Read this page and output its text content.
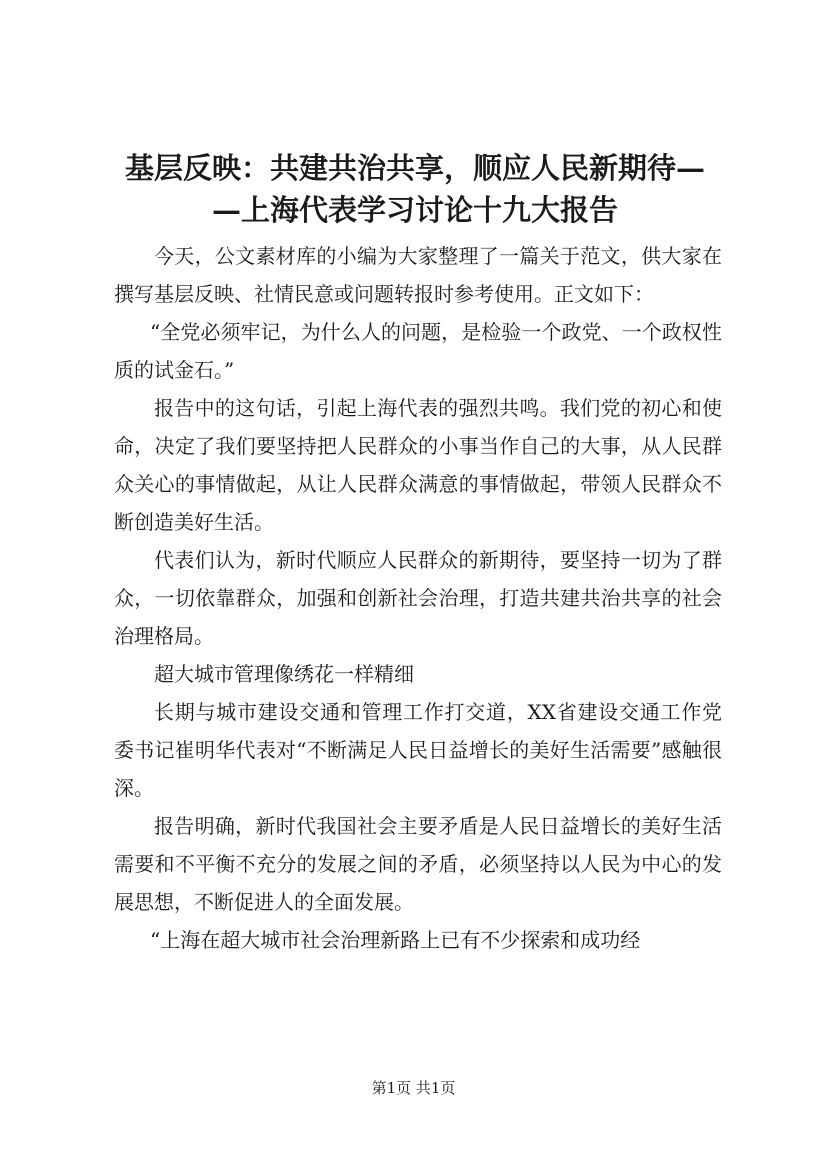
基层反映：共建共治共享，顺应人民新期待—
—上海代表学习讨论十九大报告

今天，公文素材库的小编为大家整理了一篇关于范文，供大家在撰写基层反映、社情民意或问题转报时参考使用。正文如下：

“全党必须牢记，为什么人的问题，是检验一个政党、一个政权性质的试金石。”

报告中的这句话，引起上海代表的强烈共鸣。我们党的初心和使命，决定了我们要坚持把人民群众的小事当作自己的大事，从人民群众关心的事情做起，从让人民群众满意的事情做起，带领人民群众不断创造美好生活。

代表们认为，新时代顺应人民群众的新期待，要坚持一切为了群众，一切依靠群众，加强和创新社会治理，打造共建共治共享的社会治理格局。

超大城市管理像绣花一样精细

长期与城市建设交通和管理工作打交道，XX省建设交通工作党委书记崔明华代表对“不断满足人民日益增长的美好生活需要”感触很深。

报告明确，新时代我国社会主要矛盾是人民日益增长的美好生活需要和不平衡不充分的发展之间的矛盾，必须坚持以人民为中心的发展思想，不断促进人的全面发展。

“上海在超大城市社会治理新路上已有不少探索和成功经

第1页 共1页
